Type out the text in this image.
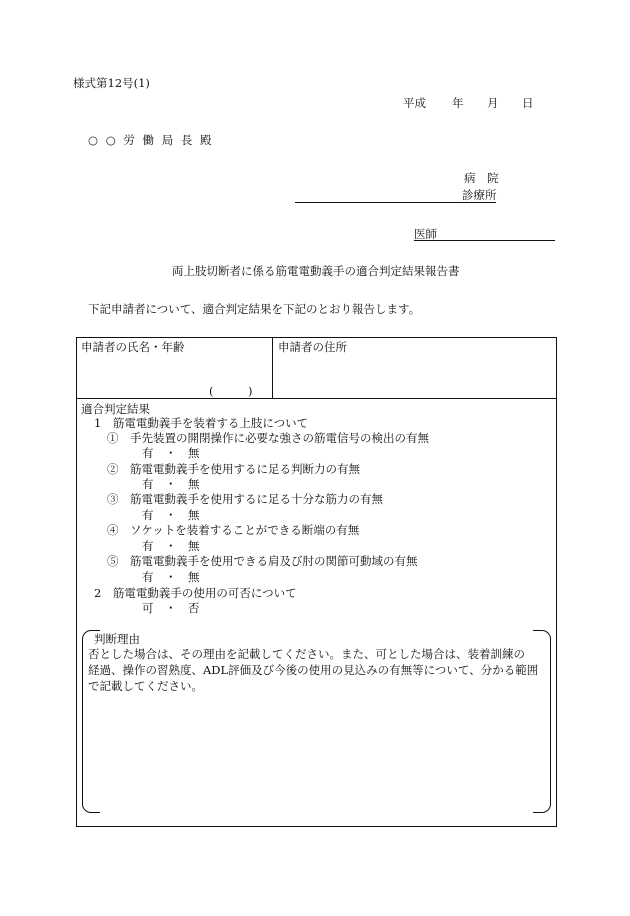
様式第12号(1)
平成 年 月 日
○ ○ 労 働 局 長 殿
病　院
診療所
医師
両上肢切断者に係る筋電電動義手の適合判定結果報告書
下記申請者について、適合判定結果を下記のとおり報告します。
申請者の氏名・年齢
(　　　)
申請者の住所
適合判定結果
1　筋電電動義手を装着する上肢について
①　手先装置の開閉操作に必要な強さの筋電信号の検出の有無
有　・　無
②　筋電電動義手を使用するに足る判断力の有無
有　・　無
③　筋電電動義手を使用するに足る十分な筋力の有無
有　・　無
④　ソケットを装着することができる断端の有無
有　・　無
⑤　筋電電動義手を使用できる肩及び肘の関節可動域の有無
有　・　無
2　筋電電動義手の使用の可否について
可　・　否
判断理由
否とした場合は、その理由を記載してください。また、可とした場合は、装着訓練の
経過、操作の習熟度、ADL評価及び今後の使用の見込みの有無等について、分かる範囲
で記載してください。
